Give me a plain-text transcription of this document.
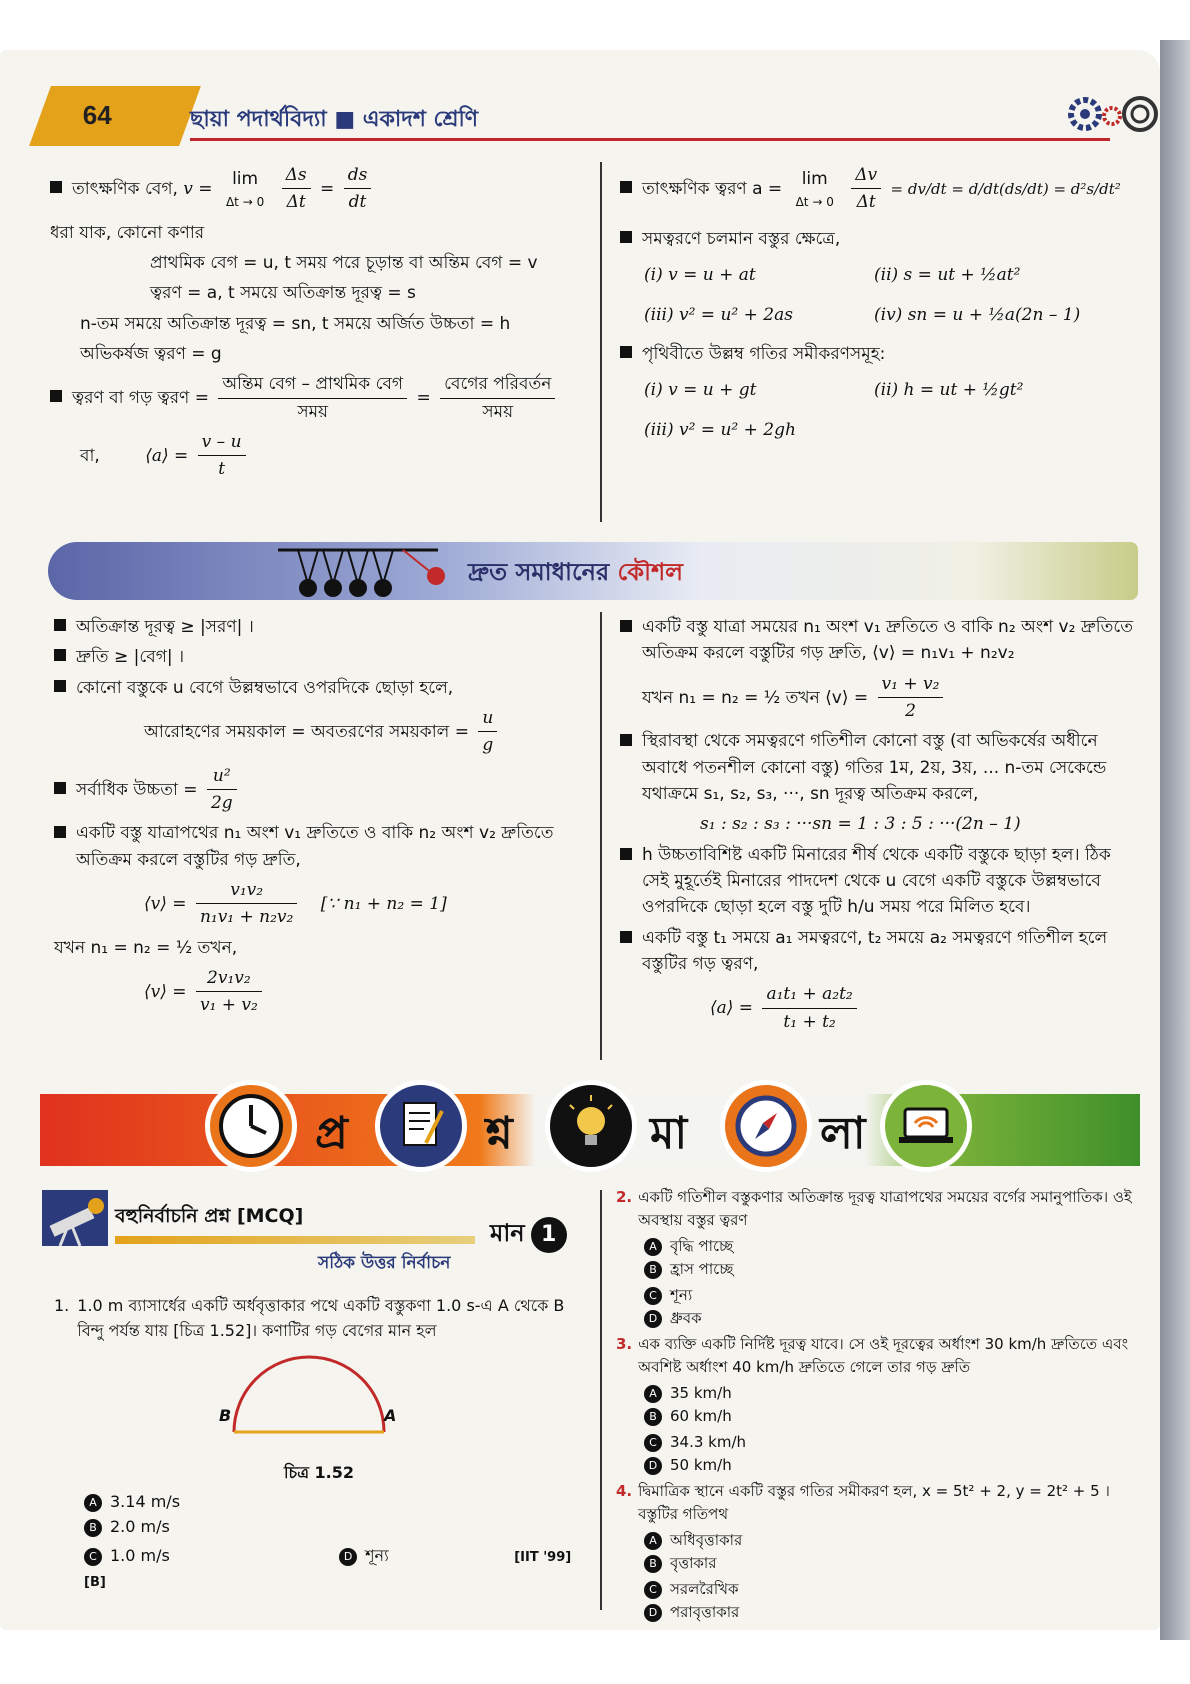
64	ছায়া পদার্থবিদ্যা ■ একাদশ শ্রেণি
তাৎক্ষণিক বেগ, v =	lim
Δt → 0
$\frac{\Delta s}{\Delta t} = \frac{ds}{dt}$
ধরা যাক, কোনো কণার
প্রাথমিক বেগ = u, t সময় পরে চূড়ান্ত বা অন্তিম বেগ = v
ত্বরণ = a, t সময়ে অতিক্রান্ত দূরত্ব = s
n-তম সময়ে অতিক্রান্ত দূরত্ব = sn, t সময়ে অর্জিত উচ্চতা = h
অভিকর্ষজ ত্বরণ = g
ত্বরণ বা গড় ত্বরণ = $\frac{\text{অন্তিম বেগ – প্রাথমিক বেগ}}{\text{সময়}} = \frac{\text{বেগের পরিবর্তন}}{\text{সময়}}$
বা,	⟨a⟩ = $\frac{v - u}{t}$
তাৎক্ষণিক ত্বরণ a =	lim
Δt → 0
$\frac{\Delta v}{\Delta t} = dv/dt = d/dt(ds/dt) = d^2s/dt^2$
সমত্বরণে চলমান বস্তুর ক্ষেত্রে,
(i) v = u + at	(ii) s = ut + ½at²
(iii) v² = u² + 2as	(iv) sn = u + ½a(2n – 1)
পৃথিবীতে উল্লম্ব গতির সমীকরণসমূহ:
(i) v = u + gt	(ii) h = ut + ½gt²
(iii) v² = u² + 2gh
দ্রুত সমাধানের কৌশল
অতিক্রান্ত দূরত্ব ≥ |সরণ| ।
দ্রুতি ≥ |বেগ| ।
কোনো বস্তুকে u বেগে উল্লম্বভাবে ওপরদিকে ছোড়া হলে,
আরোহণের সময়কাল = অবতরণের সময়কাল = $\frac{u}{g}$
সর্বাধিক উচ্চতা = $\frac{\text{u²}}{2g}$
একটি বস্তু যাত্রাপথের n₁ অংশ v₁ দ্রুতিতে ও বাকি n₂ অংশ v₂ দ্রুতিতে অতিক্রম করলে বস্তুটির গড় দ্রুতি,
⟨v⟩ = $\frac{\text{v₁v₂}}{\text{n₁v₁ + n₂v₂}}$ [∵ n₁ + n₂ = 1]
যখন n₁ = n₂ = ½ তখন,
⟨v⟩ = $\frac{\text{2v₁v₂}}{\text{v₁ + v₂}}$
একটি বস্তু যাত্রা সময়ের n₁ অংশ v₁ দ্রুতিতে ও বাকি n₂ অংশ v₂ দ্রুতিতে অতিক্রম করলে বস্তুটির গড় দ্রুতি, ⟨v⟩ = n₁v₁ + n₂v₂
যখন n₁ = n₂ = ½ তখন ⟨v⟩ = $\frac{\text{v₁ + v₂}}{2}$
স্থিরাবস্থা থেকে সমত্বরণে গতিশীল কোনো বস্তু (বা অভিকর্ষের অধীনে অবাধে পতনশীল কোনো বস্তু) গতির 1ম, 2য়, 3য়, ... n-তম সেকেন্ডে যথাক্রমে s₁, s₂, s₃, ···, sn দূরত্ব অতিক্রম করলে,
s₁ : s₂ : s₃ : ···sn = 1 : 3 : 5 : ···(2n – 1)
h উচ্চতাবিশিষ্ট একটি মিনারের শীর্ষ থেকে একটি বস্তুকে ছাড়া হল। ঠিক সেই মুহূর্তেই মিনারের পাদদেশ থেকে u বেগে একটি বস্তুকে উল্লম্বভাবে ওপরদিকে ছোড়া হলে বস্তু দুটি h/u সময় পরে মিলিত হবে।
একটি বস্তু t₁ সময়ে a₁ সমত্বরণে, t₂ সময়ে a₂ সমত্বরণে গতিশীল হলে বস্তুটির গড় ত্বরণ,
⟨a⟩ = $\frac{\text{a₁t₁ + a₂t₂}}{\text{t₁ + t₂}}$
প্র	শ্ন	মা	লা
বহুনির্বাচনি প্রশ্ন [MCQ]
মান 1
সঠিক উত্তর নির্বাচন
1. 1.0 m ব্যাসার্ধের একটি অর্ধবৃত্তাকার পথে একটি বস্তুকণা 1.0 s-এ A থেকে B বিন্দু পর্যন্ত যায় [চিত্র 1.52]। কণাটির গড় বেগের মান হল
B	A
চিত্র 1.52
A 3.14 m/s B 2.0 m/s
C 1.0 m/s	D শূন্য	[IIT '99] [B]
2. একটি গতিশীল বস্তুকণার অতিক্রান্ত দূরত্ব যাত্রাপথের সময়ের বর্গের সমানুপাতিক। ওই অবস্থায় বস্তুর ত্বরণ
A বৃদ্ধি পাচ্ছে B হ্রাস পাচ্ছে
C শূন্য D ধ্রুবক
3. এক ব্যক্তি একটি নির্দিষ্ট দূরত্ব যাবে। সে ওই দূরত্বের অর্ধাংশ 30 km/h দ্রুতিতে এবং অবশিষ্ট অর্ধাংশ 40 km/h দ্রুতিতে গেলে তার গড় দ্রুতি
A 35 km/h B 60 km/h
C 34.3 km/h D 50 km/h
4. দ্বিমাত্রিক স্থানে একটি বস্তুর গতির সমীকরণ হল, x = 5t² + 2, y = 2t² + 5 । বস্তুটির গতিপথ
A অধিবৃত্তাকার B বৃত্তাকার
C সরলরৈখিক D পরাবৃত্তাকার
